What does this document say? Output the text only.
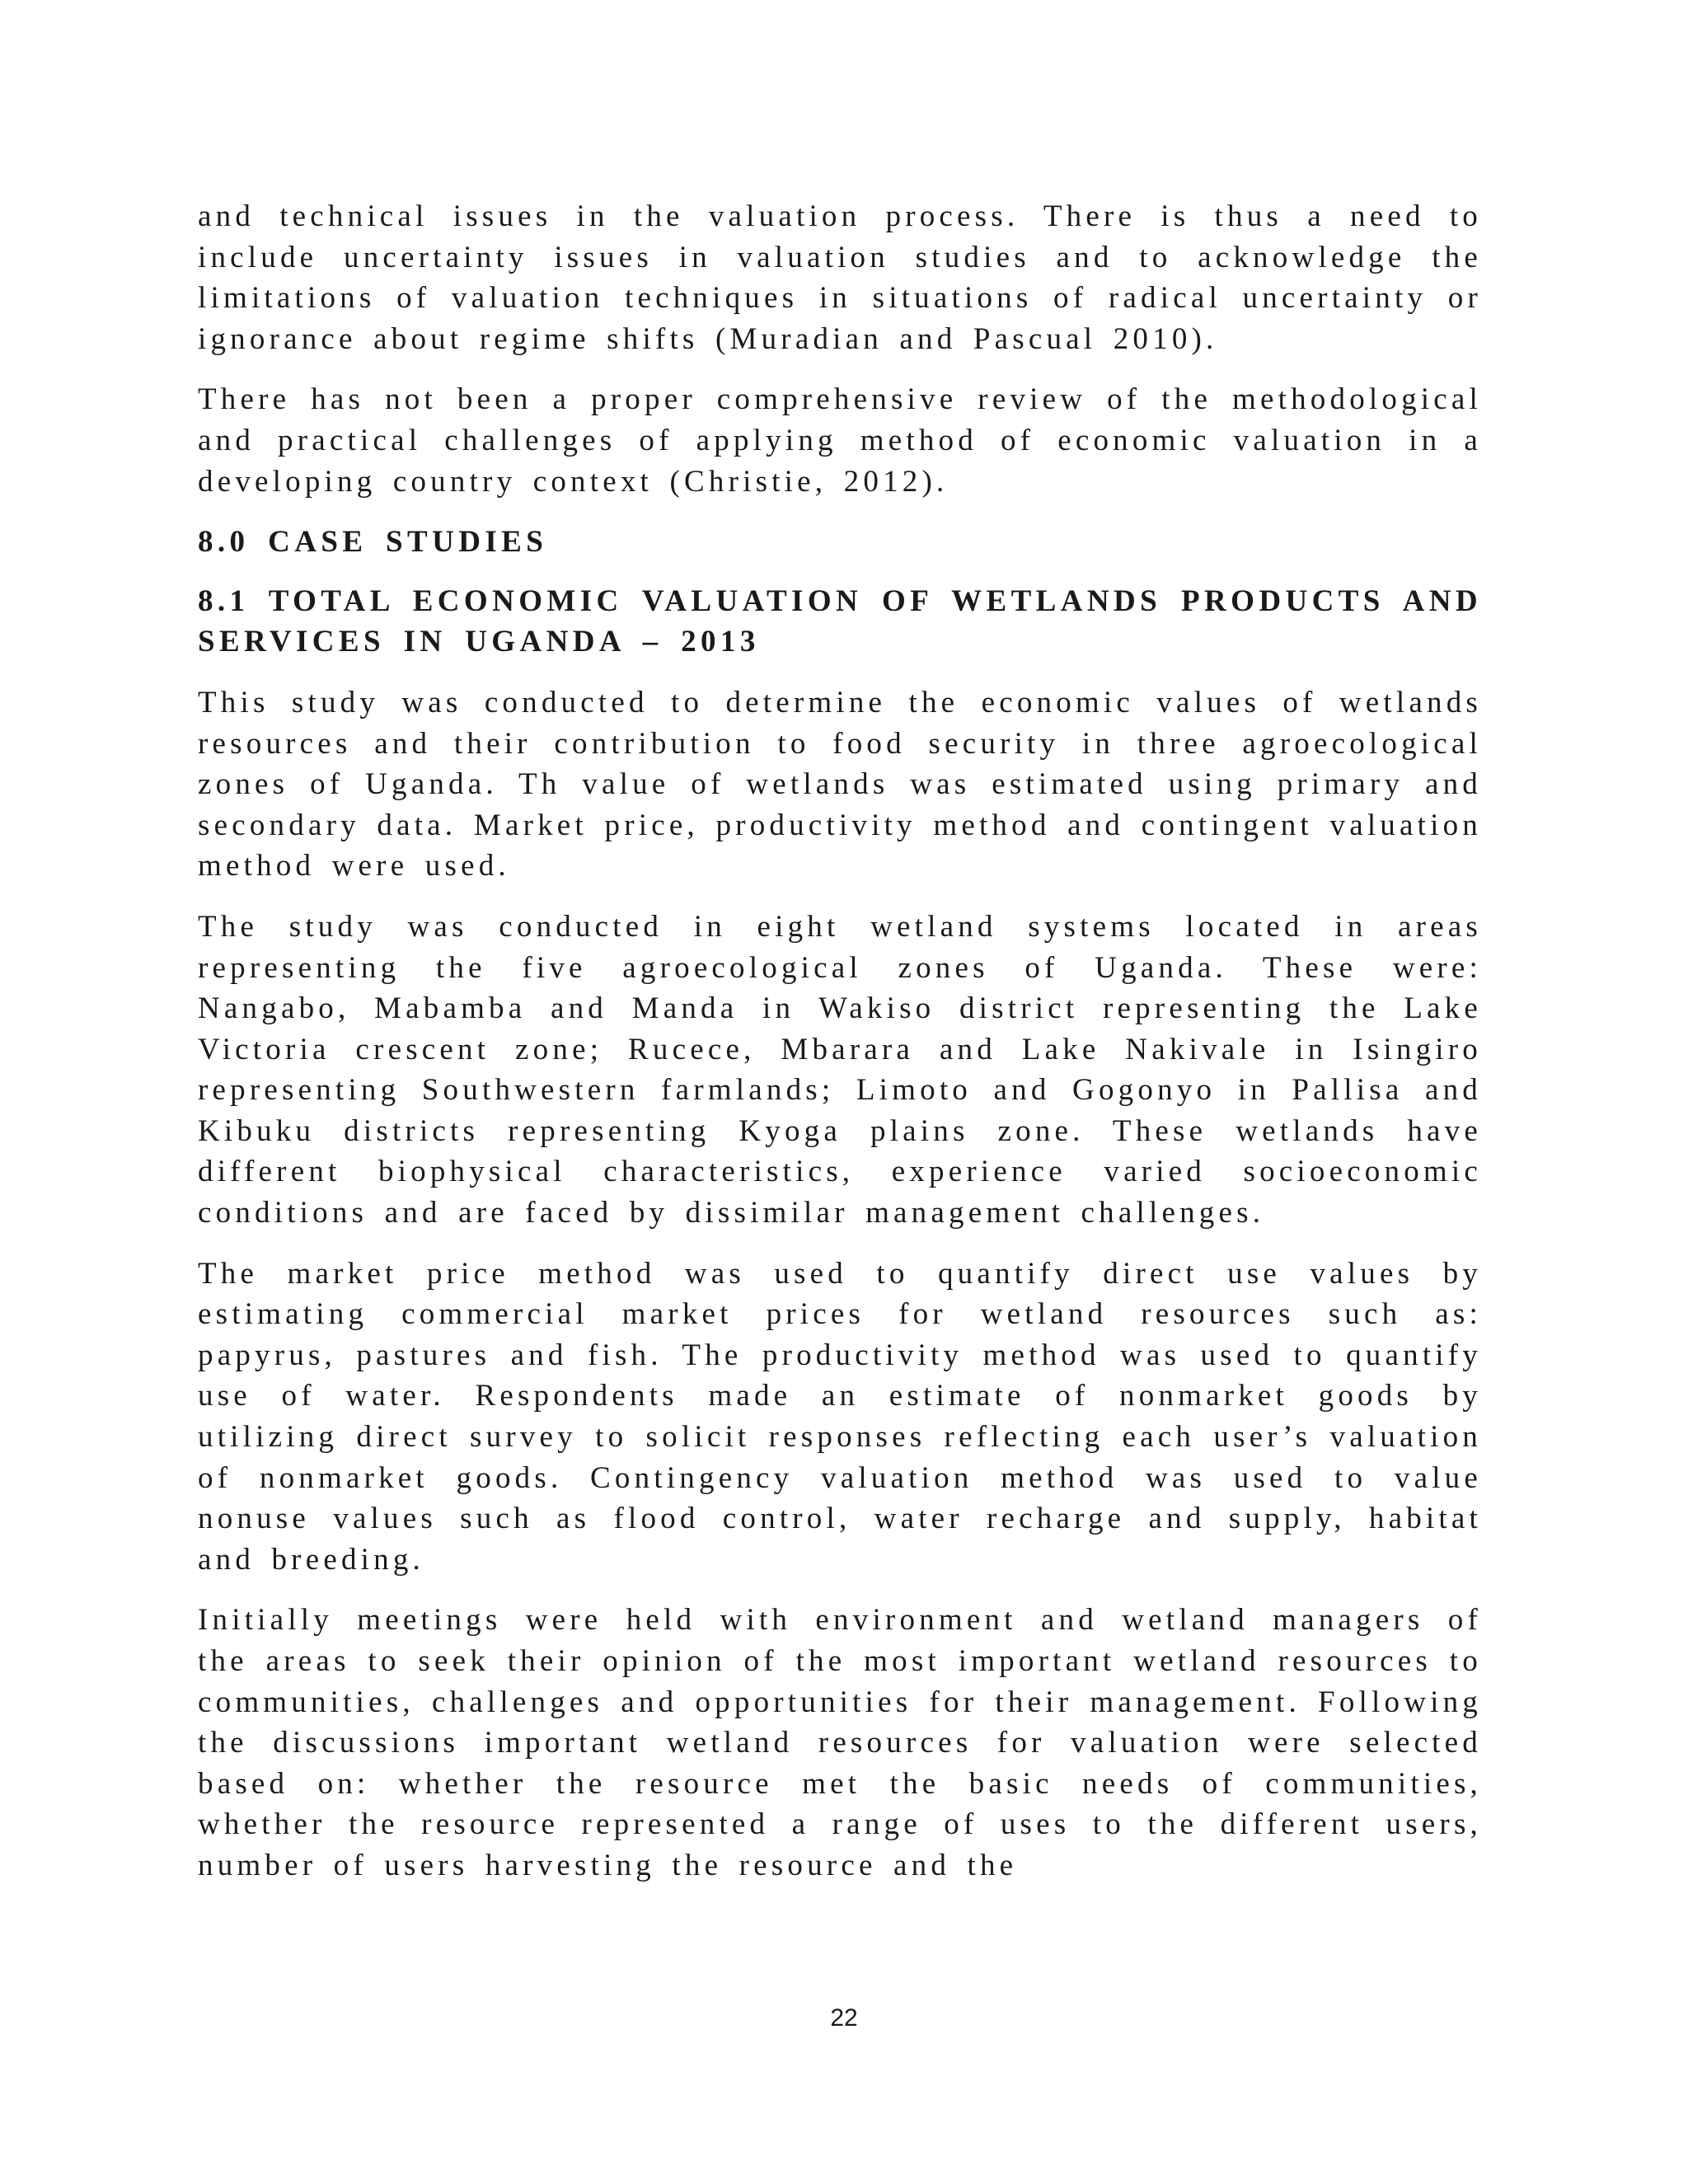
and technical issues in the valuation process. There is thus a need to include uncertainty issues in valuation studies and to acknowledge the limitations of valuation techniques in situations of radical uncertainty or ignorance about regime shifts (Muradian and Pascual 2010).

There has not been a proper comprehensive review of the methodological and practical challenges of applying method of economic valuation in a developing country context (Christie, 2012).

8.0 CASE STUDIES
8.1 TOTAL ECONOMIC VALUATION OF WETLANDS PRODUCTS AND SERVICES IN UGANDA – 2013

This study was conducted to determine the economic values of wetlands resources and their contribution to food security in three agroecological zones of Uganda. Th value of wetlands was estimated using primary and secondary data. Market price, productivity method and contingent valuation method were used.

The study was conducted in eight wetland systems located in areas representing the five agroecological zones of Uganda. These were: Nangabo, Mabamba and Manda in Wakiso district representing the Lake Victoria crescent zone; Rucece, Mbarara and Lake Nakivale in Isingiro representing Southwestern farmlands; Limoto and Gogonyo in Pallisa and Kibuku districts representing Kyoga plains zone. These wetlands have different biophysical characteristics, experience varied socioeconomic conditions and are faced by dissimilar management challenges.

The market price method was used to quantify direct use values by estimating commercial market prices for wetland resources such as: papyrus, pastures and fish. The productivity method was used to quantify use of water. Respondents made an estimate of nonmarket goods by utilizing direct survey to solicit responses reflecting each user’s valuation of nonmarket goods. Contingency valuation method was used to value nonuse values such as flood control, water recharge and supply, habitat and breeding.

Initially meetings were held with environment and wetland managers of the areas to seek their opinion of the most important wetland resources to communities, challenges and opportunities for their management. Following the discussions important wetland resources for valuation were selected based on: whether the resource met the basic needs of communities, whether the resource represented a range of uses to the different users, number of users harvesting the resource and the

22
